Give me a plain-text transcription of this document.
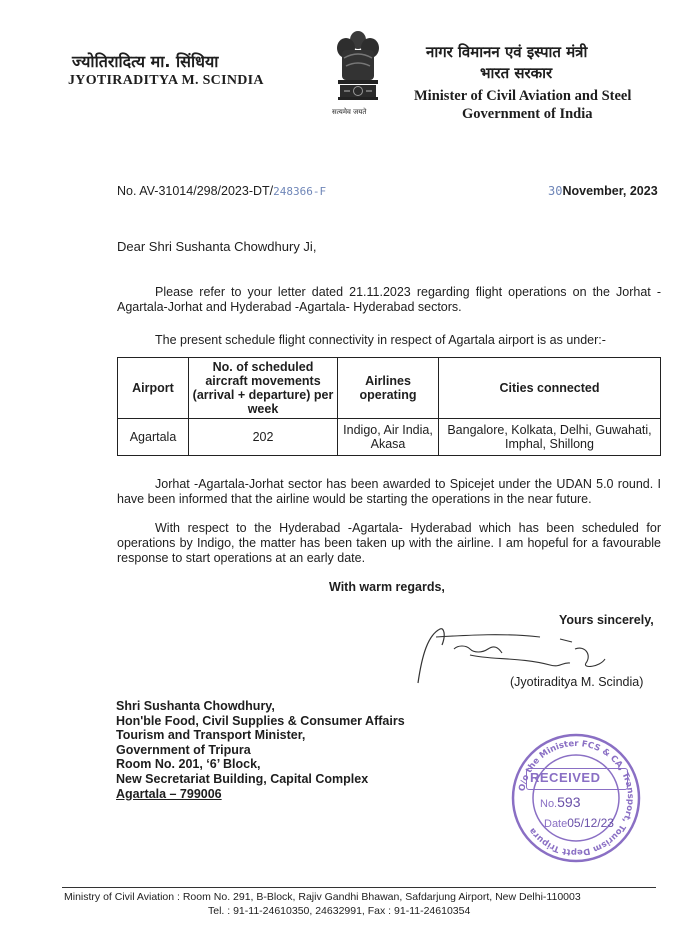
ज्योतिरादित्य मा. सिंधिया
JYOTIRADITYA M. SCINDIA
सत्यमेव जयते
नागर विमानन एवं इस्पात मंत्री
भारत सरकार
Minister of Civil Aviation and Steel
Government of India
No. AV-31014/298/2023-DT/248366-F	30November, 2023
Dear Shri Sushanta Chowdhury Ji,

Please refer to your letter dated 21.11.2023 regarding flight operations on the Jorhat - Agartala-Jorhat and Hyderabad -Agartala- Hyderabad sectors.

The present schedule flight connectivity in respect of Agartala airport is as under:-

Airport	No. of scheduled aircraft movements (arrival + departure) per week	Airlines operating	Cities connected
Agartala	202	Indigo, Air India, Akasa	Bangalore, Kolkata, Delhi, Guwahati, Imphal, Shillong

Jorhat -Agartala-Jorhat sector has been awarded to Spicejet under the UDAN 5.0 round. I have been informed that the airline would be starting the operations in the near future.

With respect to the Hyderabad -Agartala- Hyderabad which has been scheduled for operations by Indigo, the matter has been taken up with the airline. I am hopeful for a favourable response to start operations at an early date.

With warm regards,
Yours sincerely,
(Jyotiraditya M. Scindia)
Shri Sushanta Chowdhury,
Hon'ble Food, Civil Supplies & Consumer Affairs
Tourism and Transport Minister,
Government of Tripura
Room No. 201, ‘6’ Block,
New Secretariat Building, Capital Complex
Agartala – 799006	O/o the Minister FCS & CA, Transport, Tourism Deptt Tripura
RECEIVED
No.593
Date05/12/23
Ministry of Civil Aviation : Room No. 291, B-Block, Rajiv Gandhi Bhawan, Safdarjung Airport, New Delhi-110003
Tel. : 91-11-24610350, 24632991, Fax : 91-11-24610354
